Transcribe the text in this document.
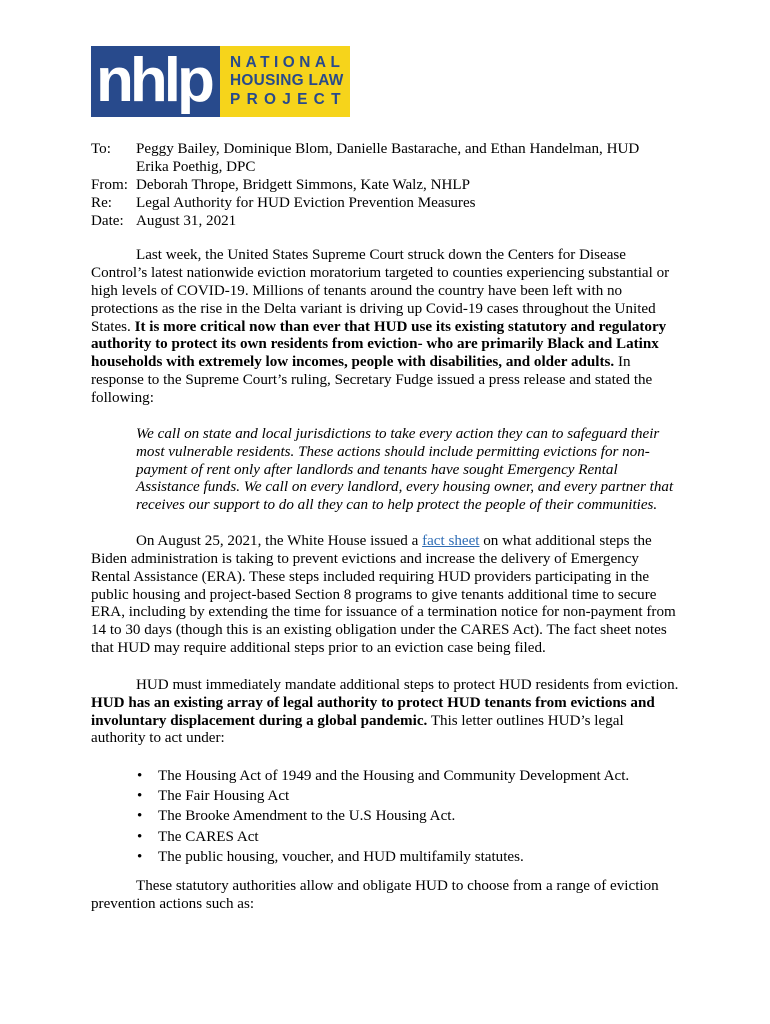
nhlp NATIONAL
HOUSING LAW
PROJECT
To: Peggy Bailey, Dominique Blom, Danielle Bastarache, and Ethan Handelman, HUD
Erika Poethig, DPC
From: Deborah Thrope, Bridgett Simmons, Kate Walz, NHLP
Re: Legal Authority for HUD Eviction Prevention Measures
Date: August 31, 2021
Last week, the United States Supreme Court struck down the Centers for Disease
Control’s latest nationwide eviction moratorium targeted to counties experiencing substantial or
high levels of COVID-19. Millions of tenants around the country have been left with no
protections as the rise in the Delta variant is driving up Covid-19 cases throughout the United
States. It is more critical now than ever that HUD use its existing statutory and regulatory
authority to protect its own residents from eviction- who are primarily Black and Latinx
households with extremely low incomes, people with disabilities, and older adults. In
response to the Supreme Court’s ruling, Secretary Fudge issued a press release and stated the
following:
We call on state and local jurisdictions to take every action they can to safeguard their
most vulnerable residents. These actions should include permitting evictions for non-
payment of rent only after landlords and tenants have sought Emergency Rental
Assistance funds. We call on every landlord, every housing owner, and every partner that
receives our support to do all they can to help protect the people of their communities.
On August 25, 2021, the White House issued a fact sheet on what additional steps the
Biden administration is taking to prevent evictions and increase the delivery of Emergency
Rental Assistance (ERA). These steps included requiring HUD providers participating in the
public housing and project-based Section 8 programs to give tenants additional time to secure
ERA, including by extending the time for issuance of a termination notice for non-payment from
14 to 30 days (though this is an existing obligation under the CARES Act). The fact sheet notes
that HUD may require additional steps prior to an eviction case being filed.
HUD must immediately mandate additional steps to protect HUD residents from eviction.
HUD has an existing array of legal authority to protect HUD tenants from evictions and
involuntary displacement during a global pandemic. This letter outlines HUD’s legal
authority to act under:
• The Housing Act of 1949 and the Housing and Community Development Act.
• The Fair Housing Act
• The Brooke Amendment to the U.S Housing Act.
• The CARES Act
• The public housing, voucher, and HUD multifamily statutes.
These statutory authorities allow and obligate HUD to choose from a range of eviction
prevention actions such as:
